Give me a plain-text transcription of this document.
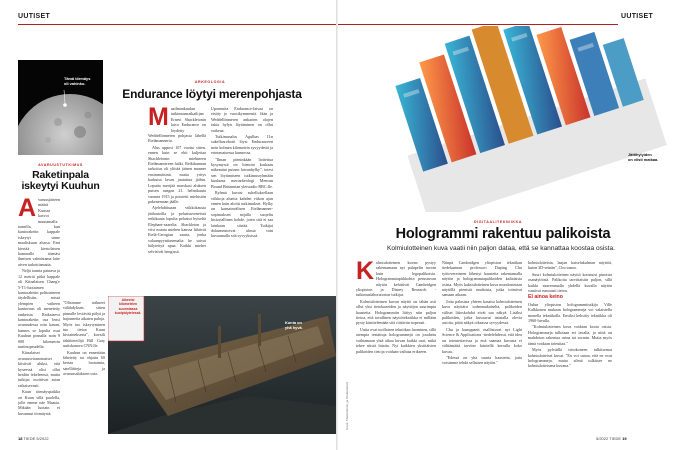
UUTISET
Tämä törmäys
oli vahinko.
AVARUUSTUTKIMUS
Raketinpala
iskeytyi Kuuhun
A varuusjätteen määrä Kuussa kasvoi muutamalla tonnilla, kun kantoraketin kappale iskeytyi sinne maaliskuun alussa. Emi kiertää kiertolaisen kamaralle törmäsi ihmisen valmistama laite aiven tarkoittamatta.

Neljä tonnia painava ja 12 metriä pitkä kappale oli Kiinalaisen Chang'e 5-T1-luotaimen kantoraketin polttoaineen täydellisiin, missä ylempien vaiheen kantavuus oli menetetty tankeista. Ratkaiseva kantoraketin osa lensi avaruudessa niin kauan, kunnes se lopulta osui Kuuhun pinnalla noin 9 000 kilometrin tuntinopeudella.

Kiinalaiset avaruusviranomaiset kiistivät aluksi, että kyseessä olisi ollut heidän tekeleensä, mutta tutkijat osoittivat asian ratkaisevasti.

Kuun törmäyspaikka on Kuun sillä puolella, jolle emme näe Maasta. Mikään luotain ei kuvannut törmäystä.

"Olisimme nähneet välähdyksen, sitten pinnalle leviävää pölyä ja hajonneita aikaten paloja. Myös tuo iskeytyminen tuo tietoa Kuun kiviaineksesta", kuvaili tähtitieteilijä Bill Gray uutiskanava CNN:lle.

Kuuhun on ennestään lähetetty tai ohjattu 60 kertaa luotaimia, satelliitteja ja avaruusaluksien osia.

ARKEOLOGIA
Endurance löytyi merenpohjasta
M aailmankuulun tutkimusmatkailijan Ernest Shackletonin laiva Endurance on löydetty Weddellinmeren pohjasta lähellä Etelämannerta.

Alus upposi 107 vuotta sitten, ennen kuin se ehti kuljettaa Shackletonin miehineen Etelämantereen halki. Retkikunnan tarkoitus oli ylittää jäinen manner ensimmäisinä, mutta yritys karkutui lavan juututtua jäihin. Loputta merijää murskasi aluksen puisen rungon 21. helmikuuta vuonna 1915 ja poistetti miehistön pakenemaan jäälle.

Ajelehdittuaan viikkokausia jäälautoilla ja pelastusveneissä retkikunta lopulta pelastui hyiseltä Elephant-saarelta. Shackleton ja viisi muuta miehen kanssa lähtivät Etelä-Georgian saarta, jonka valaanpyyntiasemalta he saivat hälytettyä apua. Kaikki miehet selvisivät hengissä.

Uponnutta Endurance-laivaa on etsitty jo vuosikymmeniä. Jään ja Weddellinmeren ankarien olojen takia hylyn löytäminen on ollut vaikeaa.

Tutkimusalus Agulhas II:n sukellusrobotti löysi Enduranceen noin kolmen kilometrin syvyydestä ja erinomaisessa kunnossa.

"Ilman pieninkään lioitettua kysymystä on hienoin koskaan näkemäni puinen laivanhylky", totesi sen löytämiseen tutkimusryhmään kuulunut meriarkeologi Mensun Bound Britannian yleisradio BBC:lle.

Ryhmä kuvasi sukelluksellaan viikkoja aluetta kahden viikon ajan ennen kuin aloitti tutkimukset. Hylky on kansainvälisen Etelämanner-sopimuksen nojalla suojeltu historiallinen kohde, joten sitä ei saa lainkaan siirtää. Tutkijat dokumentoivat alusta vain kuvaamalla sitä syvyyksissä.

Aikeeisi
kilometrien
suunniassa
kuolpidytelessä.
Kunta on
yhä hyvä.
18 TIEDE 5/2022
UUTISET
Jättihylyiden
on viisti matkaa.
DIGITAALITEKNIIKKA
Hologrammi rakentuu palikoista
Kolmiulotteinen kuva vaatii niin paljon dataa, että se kannattaa koostaa osista.
Kuva: Shutterstock, ja Shutterstock
K olmiulotteinen kuvan pystyy rakentamaan nyt palapelin tavoin kuin legopalikoista. Hologrammiapiikkohin perustuvan näytön kehittivät Cambridgen yliopiston ja Disney Research -tutkimuslaboratorion tutkijat.

Kolmiulotteinen kuvan näyttö on tähän asti ollut yksi tietokoneiden ja näyttöjen suurimpia haasteita. Hologrammiin liittyy niin paljon tietoa, että tavallinen näyttötekniikka ei millään pysty käsittelemään sitä riittävän nopeasti.

Uutta ovat tuollaisen tekniikan luominen, sillä aiempia testattuja hologrammejä on jouduttu vaihtamaan yhtä aikaa kuvan kaikki osat, mikä tekee niistä hitaita. Nyt kaikkien yksittäisten palikoiden tietoja voidaan vaihtaa erikseen.

Niinpä Cambridgen yliopiston tekniikan tiedekunnan professori Daping Chu työtovereineen lähestyi haastetta rakentamalla näytön ja hologrammiapalikoiden kaltaisista osista. Myös kaksiulotteinen kuva muodostetaan näytöllä pienistä ruuduista, jotka toimivat samaan aikaan.

Jotta palasista yhteen kasattu kolmiulotteinen kuva näyttäisi todenmukaiselta, palikoiden väliset liitoskohdat eivät saa näkyä. Lisäksi palikoiden, jotka kuvaavat taustalla olevia asioita, pitää näkyä oikeassa syvyydessä.

Chu ja kumppanit osallistuvat nyt Light Science & Applications -tiedelehdessä, että idea on toteutettavissa ja että saamaa kuvasta ei välttämättä tarvitse käsitellä kerralla koko kuvaa.

"Edessä on yhä suuria haasteita, jotta voisimme tehdä sellaisen näytön."

kolmiulotteista, laajan katselukulman näyttöä, kuten 3D-seinän", Chu sanoo.

Suuri kolmiulotteinen näyttö koostuisi pinoista osanäytöistä. Palikoita tarvittaisiin paljon, sillä kaikki suuremmalla yhdellä kuvalla näytön vaativat runsaasti tietoa.

El ainoa keino

Oulun yliopiston hologrammitutkija Ville Kalkkonen mukaan hologrammeja voi valaistella monella tekniikalla. Ensiksi keksitty tekniikka oli 1960-luvulla.

"Kolmiulotteinen kuva voidaan koota osista. Hologrammeja tulkitaan eri tavalla, ja niitä on mahdoton rakentaa osina tai sormin. Mutta myös tämä voidaan toteuttaa."

Myös pylväillä tietokoneen tulkitsemat kolmiulotteiset kuvat. "En voi sanoa, että ne ovat hologrammeja, mutta silmä tulkitsee ne kolmiulotteisena kuvana."

5/2022 TIEDE 19
